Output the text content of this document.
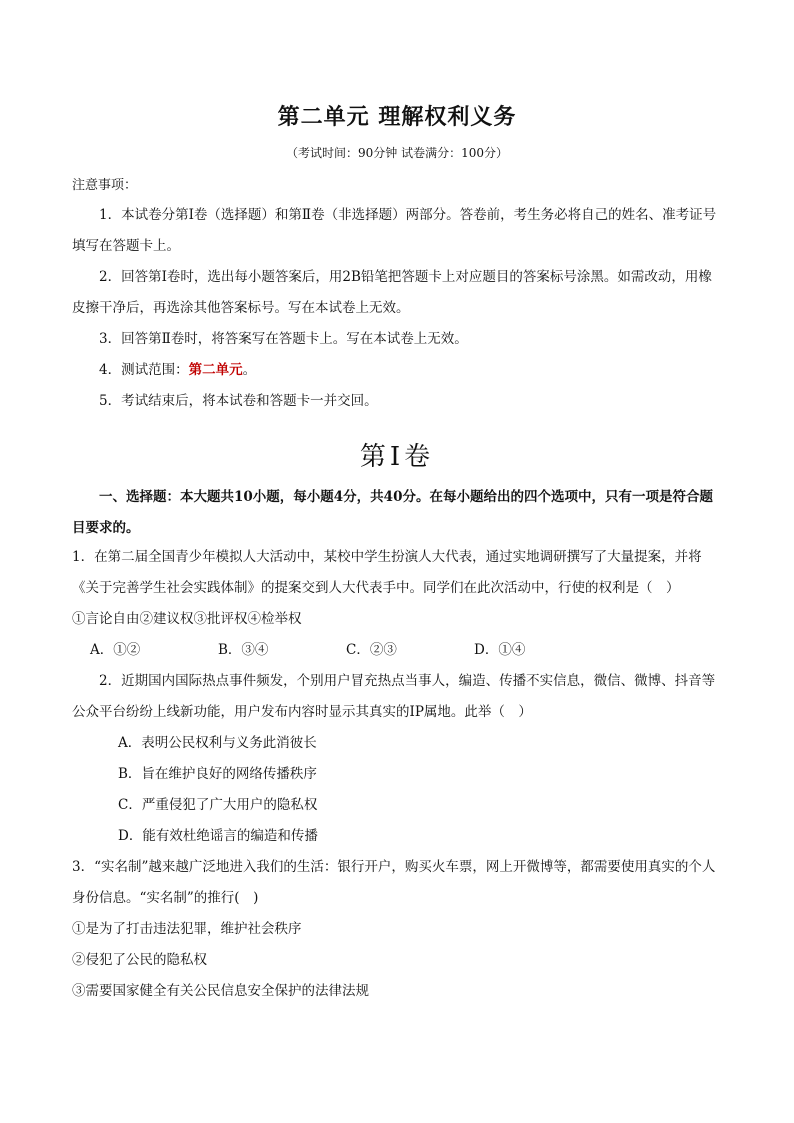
第二单元 理解权利义务
（考试时间：90分钟 试卷满分：100分）
注意事项：

1．本试卷分第Ⅰ卷（选择题）和第Ⅱ卷（非选择题）两部分。答卷前，考生务必将自己的姓名、准考证号填写在答题卡上。

2．回答第Ⅰ卷时，选出每小题答案后，用2B铅笔把答题卡上对应题目的答案标号涂黑。如需改动，用橡皮擦干净后，再选涂其他答案标号。写在本试卷上无效。

3．回答第Ⅱ卷时，将答案写在答题卡上。写在本试卷上无效。

4．测试范围：第二单元。

5．考试结束后，将本试卷和答题卡一并交回。

第Ⅰ卷

一、选择题：本大题共10小题，每小题4分，共40分。在每小题给出的四个选项中，只有一项是符合题目要求的。

1．在第二届全国青少年模拟人大活动中，某校中学生扮演人大代表，通过实地调研撰写了大量提案，并将《关于完善学生社会实践体制》的提案交到人大代表手中。同学们在此次活动中，行使的权利是（　）

①言论自由②建议权③批评权④检举权

A．①②	B．③④	C．②③	D．①④

2．近期国内国际热点事件频发，个别用户冒充热点当事人，编造、传播不实信息，微信、微博、抖音等公众平台纷纷上线新功能，用户发布内容时显示其真实的IP属地。此举（　）

A．表明公民权利与义务此消彼长

B．旨在维护良好的网络传播秩序

C．严重侵犯了广大用户的隐私权

D．能有效杜绝谣言的编造和传播

3．“实名制”越来越广泛地进入我们的生活：银行开户，购买火车票，网上开微博等，都需要使用真实的个人身份信息。“实名制”的推行(　)

①是为了打击违法犯罪，维护社会秩序

②侵犯了公民的隐私权

③需要国家健全有关公民信息安全保护的法律法规
